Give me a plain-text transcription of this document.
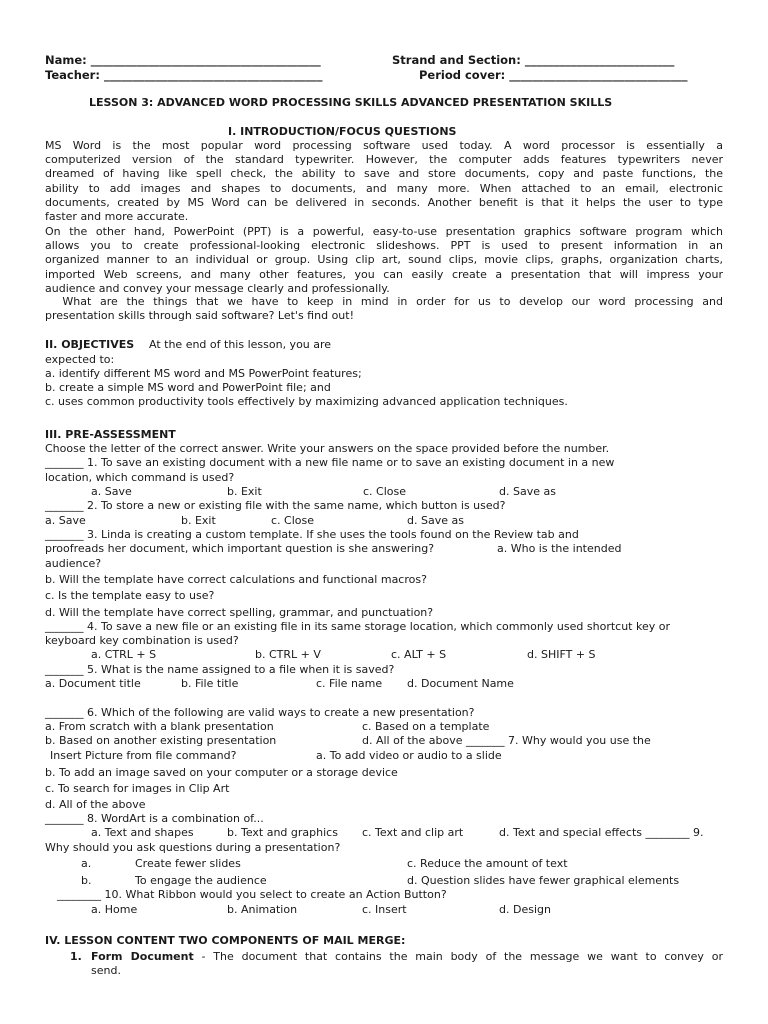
Name: ________________________________________	Strand and Section: __________________________
Teacher: ______________________________________	Period cover: _______________________________
LESSON 3: ADVANCED WORD PROCESSING SKILLS ADVANCED PRESENTATION SKILLS
I. INTRODUCTION/FOCUS QUESTIONS
MS Word is the most popular word processing software used today. A word processor is essentially a
computerized version of the standard typewriter. However, the computer adds features typewriters never
dreamed of having like spell check, the ability to save and store documents, copy and paste functions, the
ability to add images and shapes to documents, and many more. When attached to an email, electronic
documents, created by MS Word can be delivered in seconds. Another benefit is that it helps the user to type
faster and more accurate.
On the other hand, PowerPoint (PPT) is a powerful, easy-to-use presentation graphics software program which
allows you to create professional-looking electronic slideshows. PPT is used to present information in an
organized manner to an individual or group. Using clip art, sound clips, movie clips, graphs, organization charts,
imported Web screens, and many other features, you can easily create a presentation that will impress your
audience and convey your message clearly and professionally.
What are the things that we have to keep in mind in order for us to develop our word processing and
presentation skills through said software? Let's find out!
II. OBJECTIVES At the end of this lesson, you are
expected to:
a. identify different MS word and MS PowerPoint features;
b. create a simple MS word and PowerPoint file; and
c. uses common productivity tools effectively by maximizing advanced application techniques.
III. PRE-ASSESSMENT
Choose the letter of the correct answer. Write your answers on the space provided before the number.
_______ 1. To save an existing document with a new file name or to save an existing document in a new
location, which command is used?
a. Save	b. Exit	c. Close	d. Save as
_______ 2. To store a new or existing file with the same name, which button is used?
a. Save	b. Exit	c. Close	d. Save as
_______ 3. Linda is creating a custom template. If she uses the tools found on the Review tab and
proofreads her document, which important question is she answering?	a. Who is the intended
audience?
b. Will the template have correct calculations and functional macros?
c. Is the template easy to use?
d. Will the template have correct spelling, grammar, and punctuation?
_______ 4. To save a new file or an existing file in its same storage location, which commonly used shortcut key or
keyboard key combination is used?
a. CTRL + S	b. CTRL + V	c. ALT + S	d. SHIFT + S
_______ 5. What is the name assigned to a file when it is saved?
a. Document title	b. File title	c. File name d. Document Name
_______ 6. Which of the following are valid ways to create a new presentation?
a. From scratch with a blank presentation	c. Based on a template
b. Based on another existing presentation	d. All of the above _______ 7. Why would you use the
Insert Picture from file command?	a. To add video or audio to a slide
b. To add an image saved on your computer or a storage device
c. To search for images in Clip Art
d. All of the above
_______ 8. WordArt is a combination of...
a. Text and shapes	b. Text and graphics c. Text and clip art	d. Text and special effects ________ 9.
Why should you ask questions during a presentation?
a.	Create fewer slides	c. Reduce the amount of text
b.	To engage the audience	d. Question slides have fewer graphical elements
________ 10. What Ribbon would you select to create an Action Button?
a. Home	b. Animation	c. Insert	d. Design
IV. LESSON CONTENT TWO COMPONENTS OF MAIL MERGE:
1. Form Document - The document that contains the main body of the message we want to convey or
send.
